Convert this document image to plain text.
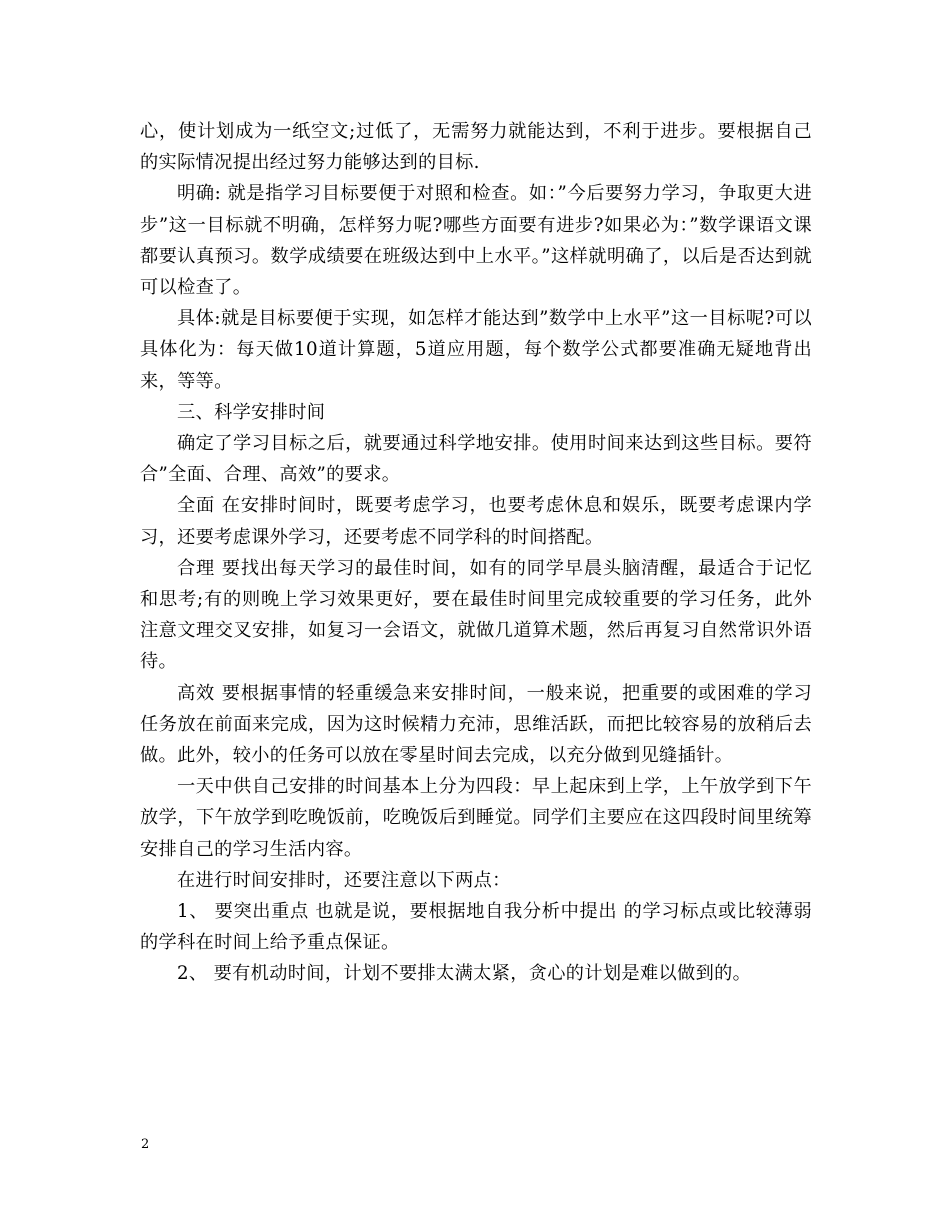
心，使计划成为一纸空文;过低了，无需努力就能达到，不利于进步。要根据自己的实际情况提出经过努力能够达到的目标.

明确: 就是指学习目标要便于对照和检查。如：”今后要努力学习，争取更大进步”这一目标就不明确，怎样努力呢?哪些方面要有进步?如果必为：”数学课语文课都要认真预习。数学成绩要在班级达到中上水平。”这样就明确了，以后是否达到就可以检查了。

具体:就是目标要便于实现，如怎样才能达到”数学中上水平”这一目标呢?可以具体化为：每天做10道计算题，5道应用题，每个数学公式都要准确无疑地背出来，等等。

三、科学安排时间

确定了学习目标之后，就要通过科学地安排。使用时间来达到这些目标。要符合”全面、合理、高效”的要求。

全面 在安排时间时，既要考虑学习，也要考虑休息和娱乐，既要考虑课内学习，还要考虑课外学习，还要考虑不同学科的时间搭配。

合理 要找出每天学习的最佳时间，如有的同学早晨头脑清醒，最适合于记忆和思考;有的则晚上学习效果更好，要在最佳时间里完成较重要的学习任务，此外注意文理交叉安排，如复习一会语文，就做几道算术题，然后再复习自然常识外语待。

高效 要根据事情的轻重缓急来安排时间，一般来说，把重要的或困难的学习任务放在前面来完成，因为这时候精力充沛，思维活跃，而把比较容易的放稍后去做。此外，较小的任务可以放在零星时间去完成，以充分做到见缝插针。

一天中供自己安排的时间基本上分为四段：早上起床到上学，上午放学到下午放学，下午放学到吃晚饭前，吃晚饭后到睡觉。同学们主要应在这四段时间里统筹安排自己的学习生活内容。

在进行时间安排时，还要注意以下两点：

1、 要突出重点 也就是说，要根据地自我分析中提出 的学习标点或比较薄弱的学科在时间上给予重点保证。

2、 要有机动时间，计划不要排太满太紧，贪心的计划是难以做到的。

2
